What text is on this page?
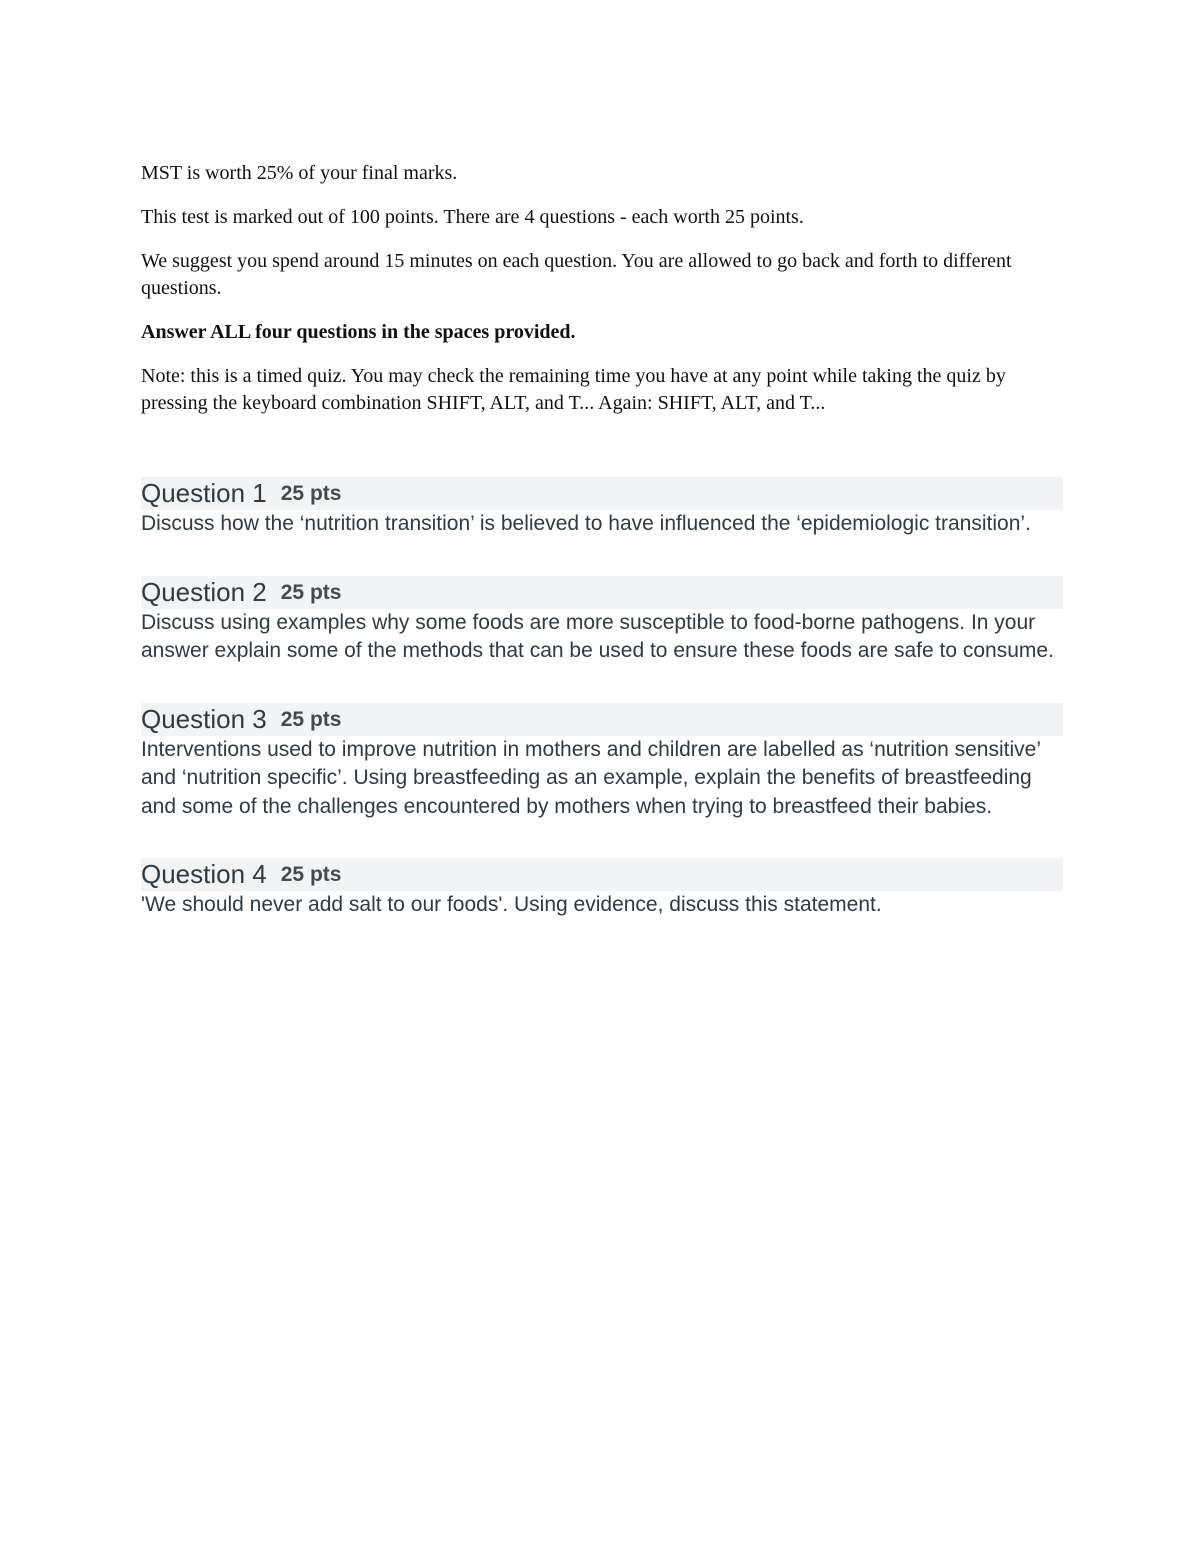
MST is worth 25% of your final marks.

This test is marked out of 100 points. There are 4 questions - each worth 25 points.

We suggest you spend around 15 minutes on each question. You are allowed to go back and forth to different questions.

Answer ALL four questions in the spaces provided.

Note: this is a timed quiz. You may check the remaining time you have at any point while taking the quiz by pressing the keyboard combination SHIFT, ALT, and T... Again: SHIFT, ALT, and T...

Question 1 25 pts

Discuss how the ‘nutrition transition’ is believed to have influenced the ‘epidemiologic transition’.

Question 2 25 pts

Discuss using examples why some foods are more susceptible to food-borne pathogens. In your answer explain some of the methods that can be used to ensure these foods are safe to consume.

Question 3 25 pts

Interventions used to improve nutrition in mothers and children are labelled as ‘nutrition sensitive’ and ‘nutrition specific’. Using breastfeeding as an example, explain the benefits of breastfeeding and some of the challenges encountered by mothers when trying to breastfeed their babies.

Question 4 25 pts

'We should never add salt to our foods'. Using evidence, discuss this statement.
